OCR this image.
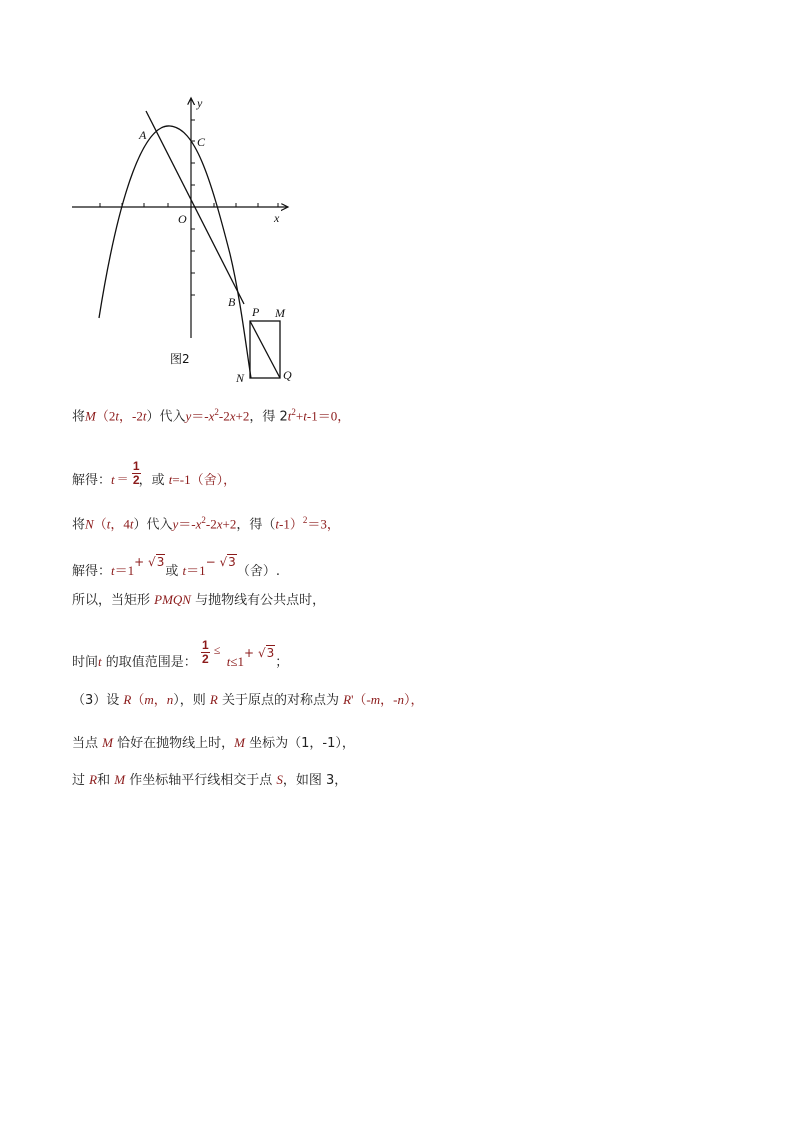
y
x
O
A	C
B
P M
N	Q
图2
将M（2t，-2t）代入$y=-x^2-2x+2$，得 $2t^2+t-1=0$，
解得：t ＝
1
2 ，或 t=-1（舍），
将N（t，4t）代入$y=-x^2-2x+2$，得$(t-1)^2=3$，
解得：t＝1+ √3或 t＝1− √3（舍）.
所以，当矩形 PMQN 与抛物线有公共点时，
时间t 的取值范围是：
1
2
≤
t≤1+ √3；
（3）设 R（m，n），则 R 关于原点的对称点为 R'（-m，-n），
当点 M 恰好在抛物线上时，M 坐标为（1，-1），
过 R和 M 作坐标轴平行线相交于点 S，如图 3，
